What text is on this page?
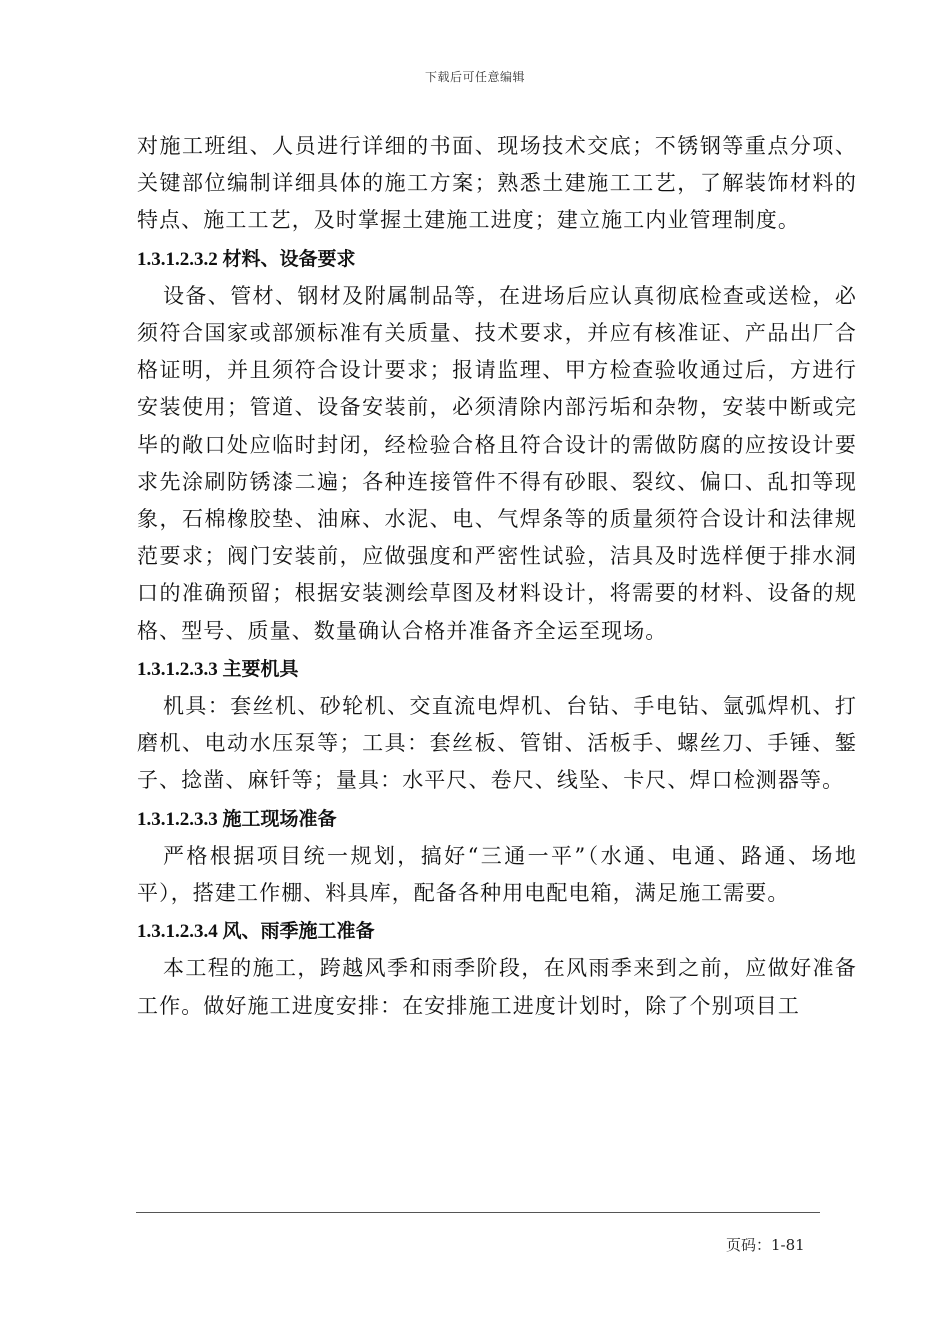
下载后可任意编辑

对施工班组、人员进行详细的书面、现场技术交底；不锈钢等重点分项、关键部位编制详细具体的施工方案；熟悉土建施工工艺，了解装饰材料的特点、施工工艺，及时掌握土建施工进度；建立施工内业管理制度。

1.3.1.2.3.2 材料、设备要求

设备、管材、钢材及附属制品等，在进场后应认真彻底检查或送检，必须符合国家或部颁标准有关质量、技术要求，并应有核准证、产品出厂合格证明，并且须符合设计要求；报请监理、甲方检查验收通过后，方进行安装使用；管道、设备安装前，必须清除内部污垢和杂物，安装中断或完毕的敞口处应临时封闭，经检验合格且符合设计的需做防腐的应按设计要求先涂刷防锈漆二遍；各种连接管件不得有砂眼、裂纹、偏口、乱扣等现象，石棉橡胶垫、油麻、水泥、电、气焊条等的质量须符合设计和法律规范要求；阀门安装前，应做强度和严密性试验，洁具及时选样便于排水洞口的准确预留；根据安装测绘草图及材料设计，将需要的材料、设备的规格、型号、质量、数量确认合格并准备齐全运至现场。

1.3.1.2.3.3 主要机具

机具：套丝机、砂轮机、交直流电焊机、台钻、手电钻、氩弧焊机、打磨机、电动水压泵等；工具：套丝板、管钳、活板手、螺丝刀、手锤、錾子、捻凿、麻钎等；量具：水平尺、卷尺、线坠、卡尺、焊口检测器等。

1.3.1.2.3.3 施工现场准备

严格根据项目统一规划，搞好“三通一平”（水通、电通、路通、场地平），搭建工作棚、料具库，配备各种用电配电箱，满足施工需要。

1.3.1.2.3.4 风、雨季施工准备

本工程的施工，跨越风季和雨季阶段，在风雨季来到之前，应做好准备工作。做好施工进度安排：在安排施工进度计划时，除了个别项目工

页码：1-81
